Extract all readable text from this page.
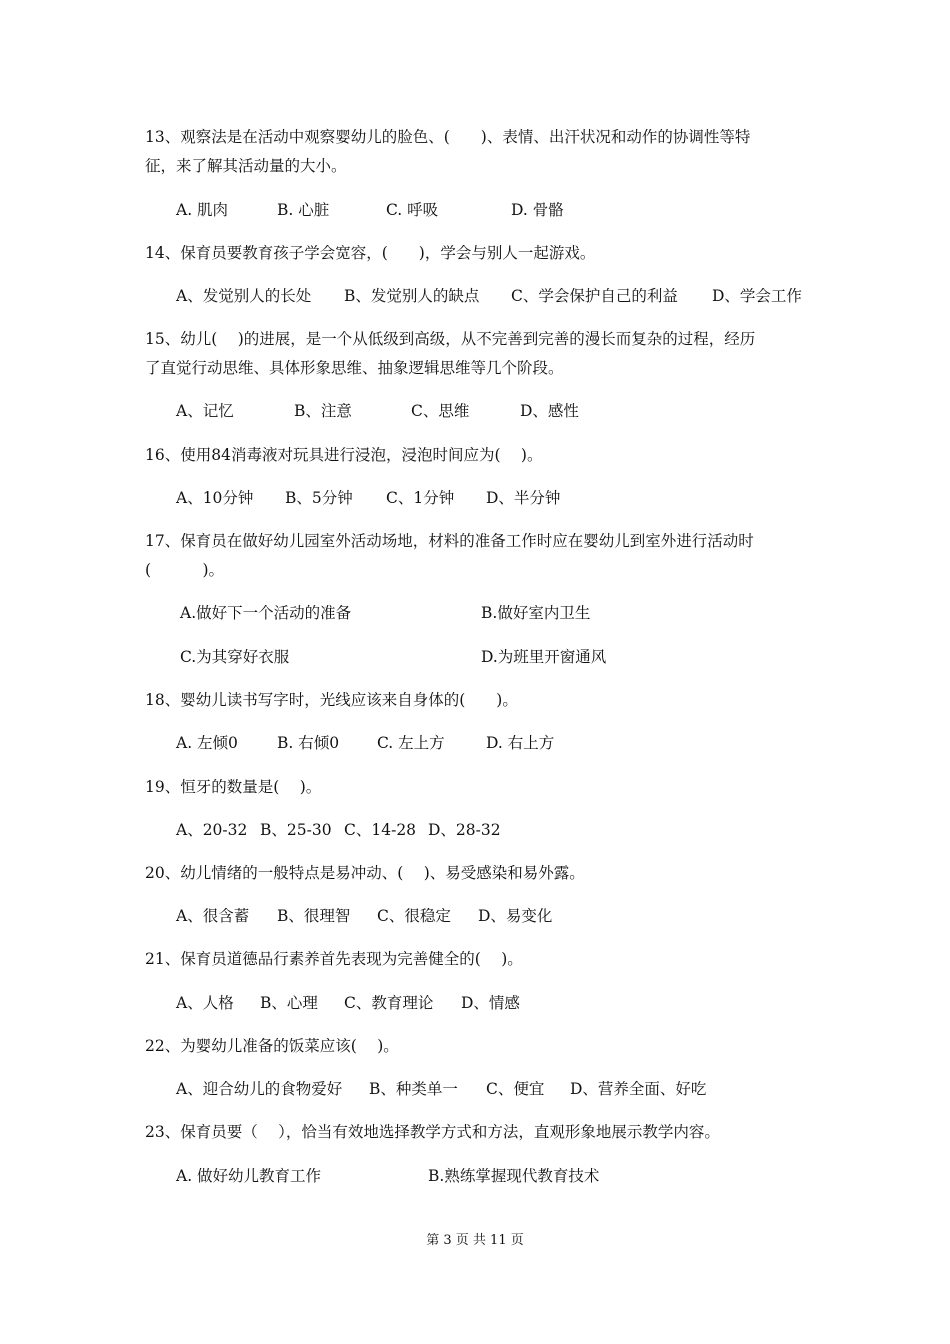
13、观察法是在活动中观察婴幼儿的脸色、(　　)、表情、出汗状况和动作的协调性等特
征，来了解其活动量的大小。
A. 肌肉	B. 心脏	C. 呼吸	D. 骨骼
14、保育员要教育孩子学会宽容，(　　)，学会与别人一起游戏。
A、发觉别人的长处 B、发觉别人的缺点 C、学会保护自己的利益 D、学会工作
15、幼儿(　 )的进展，是一个从低级到高级，从不完善到完善的漫长而复杂的过程，经历
了直觉行动思维、具体形象思维、抽象逻辑思维等几个阶段。
A、记忆	B、注意	C、思维	D、感性
16、使用84消毒液对玩具进行浸泡，浸泡时间应为(　 )。
A、10分钟 B、5分钟 C、1分钟 D、半分钟
17、保育员在做好幼儿园室外活动场地，材料的准备工作时应在婴幼儿到室外进行活动时
(　　　 )。
A.做好下一个活动的准备	B.做好室内卫生
C.为其穿好衣服	D.为班里开窗通风
18、婴幼儿读书写字时，光线应该来自身体的(　　)。
A. 左倾0	B. 右倾0 C. 左上方	D. 右上方
19、恒牙的数量是(　 )。
A、20-32 B、25-30 C、14-28 D、28-32
20、幼儿情绪的一般特点是易冲动、(　 )、易受感染和易外露。
A、很含蓄 B、很理智 C、很稳定 D、易变化
21、保育员道德品行素养首先表现为完善健全的(　 )。
A、人格 B、心理 C、教育理论 D、情感
22、为婴幼儿准备的饭菜应该(　 )。
A、迎合幼儿的食物爱好 B、种类单一 C、便宜 D、营养全面、好吃
23、保育员要（　 ），恰当有效地选择教学方式和方法，直观形象地展示教学内容。
A. 做好幼儿教育工作	B.熟练掌握现代教育技术
第 3 页 共 11 页
